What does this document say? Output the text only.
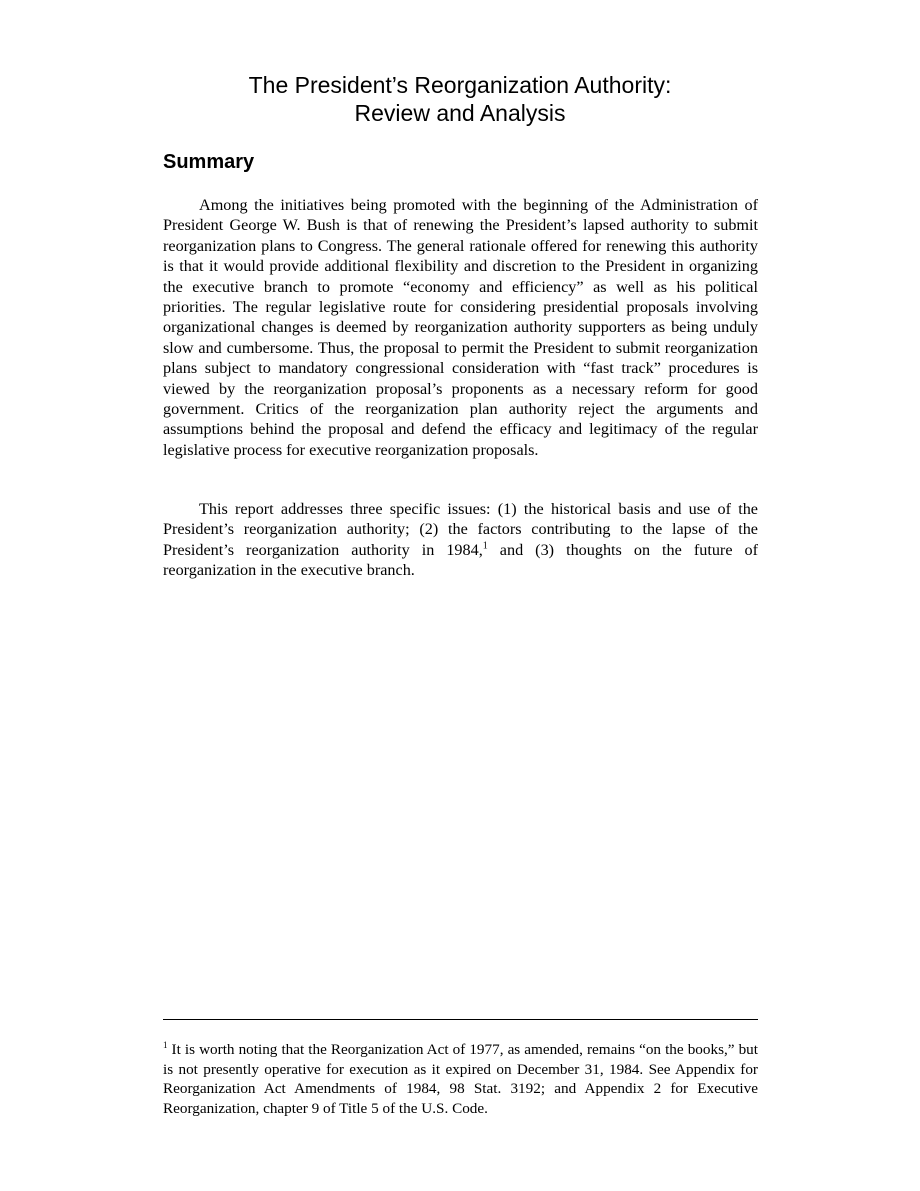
The President’s Reorganization Authority:
Review and Analysis
Summary

Among the initiatives being promoted with the beginning of the Administration of President George W. Bush is that of renewing the President’s lapsed authority to submit reorganization plans to Congress. The general rationale offered for renewing this authority is that it would provide additional flexibility and discretion to the President in organizing the executive branch to promote “economy and efficiency” as well as his political priorities. The regular legislative route for considering presidential proposals involving organizational changes is deemed by reorganization authority supporters as being unduly slow and cumbersome. Thus, the proposal to permit the President to submit reorganization plans subject to mandatory congressional consideration with “fast track” procedures is viewed by the reorganization proposal’s proponents as a necessary reform for good government. Critics of the reorganization plan authority reject the arguments and assumptions behind the proposal and defend the efficacy and legitimacy of the regular legislative process for executive reorganization proposals.

This report addresses three specific issues: (1) the historical basis and use of the President’s reorganization authority; (2) the factors contributing to the lapse of the President’s reorganization authority in 1984,$^1$ and (3) thoughts on the future of reorganization in the executive branch.

$^1$ It is worth noting that the Reorganization Act of 1977, as amended, remains “on the books,” but is not presently operative for execution as it expired on December 31, 1984. See Appendix for Reorganization Act Amendments of 1984, 98 Stat. 3192; and Appendix 2 for Executive Reorganization, chapter 9 of Title 5 of the U.S. Code.
